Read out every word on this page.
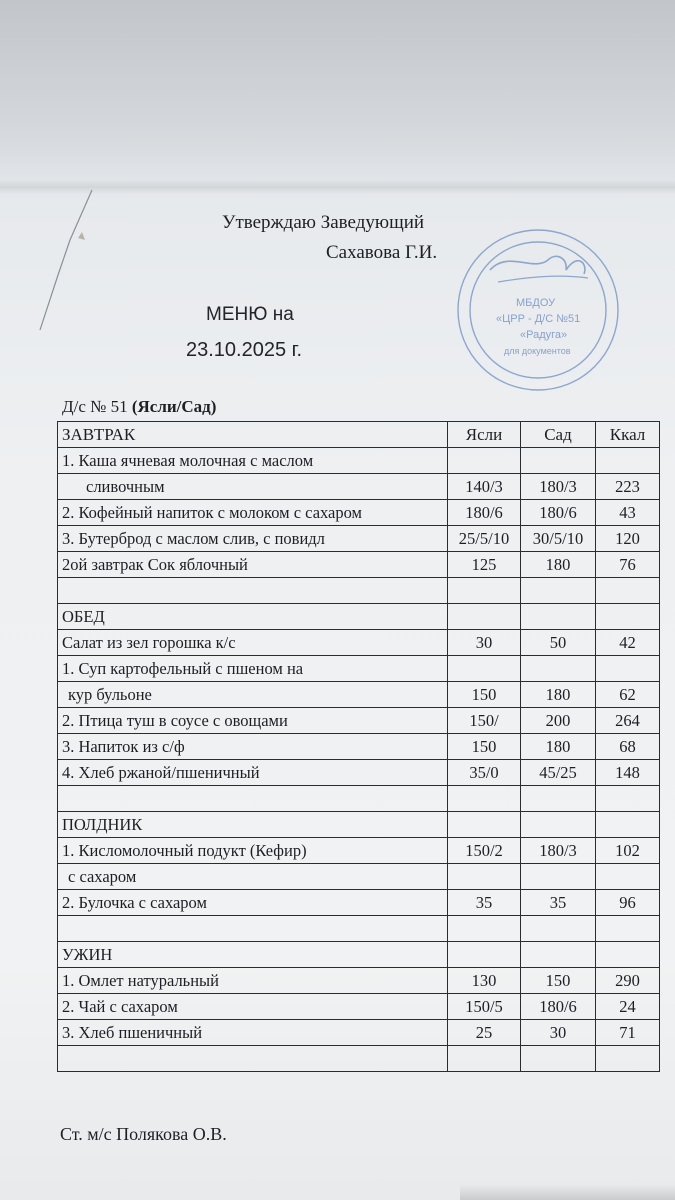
Утверждаю Заведующий
Сахавова Г.И.
МБДОУ
«ЦРР - Д/С №51
«Радуга»
для документов
МЕНЮ на
23.10.2025 г.
Д/с № 51 (Ясли/Сад)
ЗАВТРАК	Ясли	Сад	Ккал
1. Каша ячневая молочная с маслом			
сливочным	140/3	180/3	223
2. Кофейный напиток с молоком с сахаром	180/6	180/6	43
3. Бутерброд с маслом слив, с повидл	25/5/10	30/5/10	120
2ой завтрак Сок яблочный	125	180	76

ОБЕД			
Салат из зел горошка к/с	30	50	42
1. Суп картофельный с пшеном на			
кур бульоне	150	180	62
2. Птица туш в соусе с овощами	150/	200	264
3. Напиток из с/ф	150	180	68
4. Хлеб ржаной/пшеничный	35/0	45/25	148

ПОЛДНИК			
1. Кисломолочный подукт (Кефир)	150/2	180/3	102
с сахаром			
2. Булочка с сахаром	35	35	96

УЖИН			
1. Омлет натуральный	130	150	290
2. Чай с сахаром	150/5	180/6	24
3. Хлеб пшеничный	25	30	71

Ст. м/с Полякова О.В.
